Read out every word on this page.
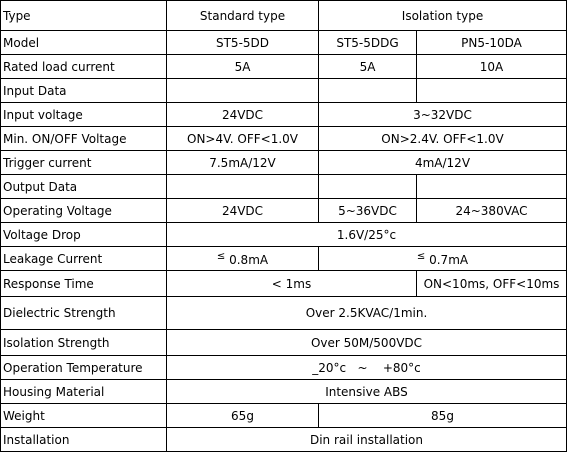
Type	Standard type	Isolation type	
Model	ST5-5DD	ST5-5DDG	PN5-10DA
Rated load current	5A	5A	10A
Input Data			
Input voltage	24VDC	3~32VDC	
Min. ON/OFF Voltage	ON>4V. OFF<1.0V	ON>2.4V. OFF<1.0V	
Trigger current	7.5mA/12V	4mA/12V	
Output Data			
Operating Voltage	24VDC	5~36VDC	24~380VAC
Voltage Drop	1.6V/25°c		
Leakage Current	≤ 0.8mA	≤ 0.7mA	
Response Time	< 1ms		ON<10ms, OFF<10ms
Dielectric Strength	Over 2.5KVAC/1min.		
Isolation Strength	Over 50M/500VDC		
Operation Temperature	_20°c   ~    +80°c		
Housing Material	Intensive ABS		
Weight	65g	85g	
Installation	Din rail installation		
